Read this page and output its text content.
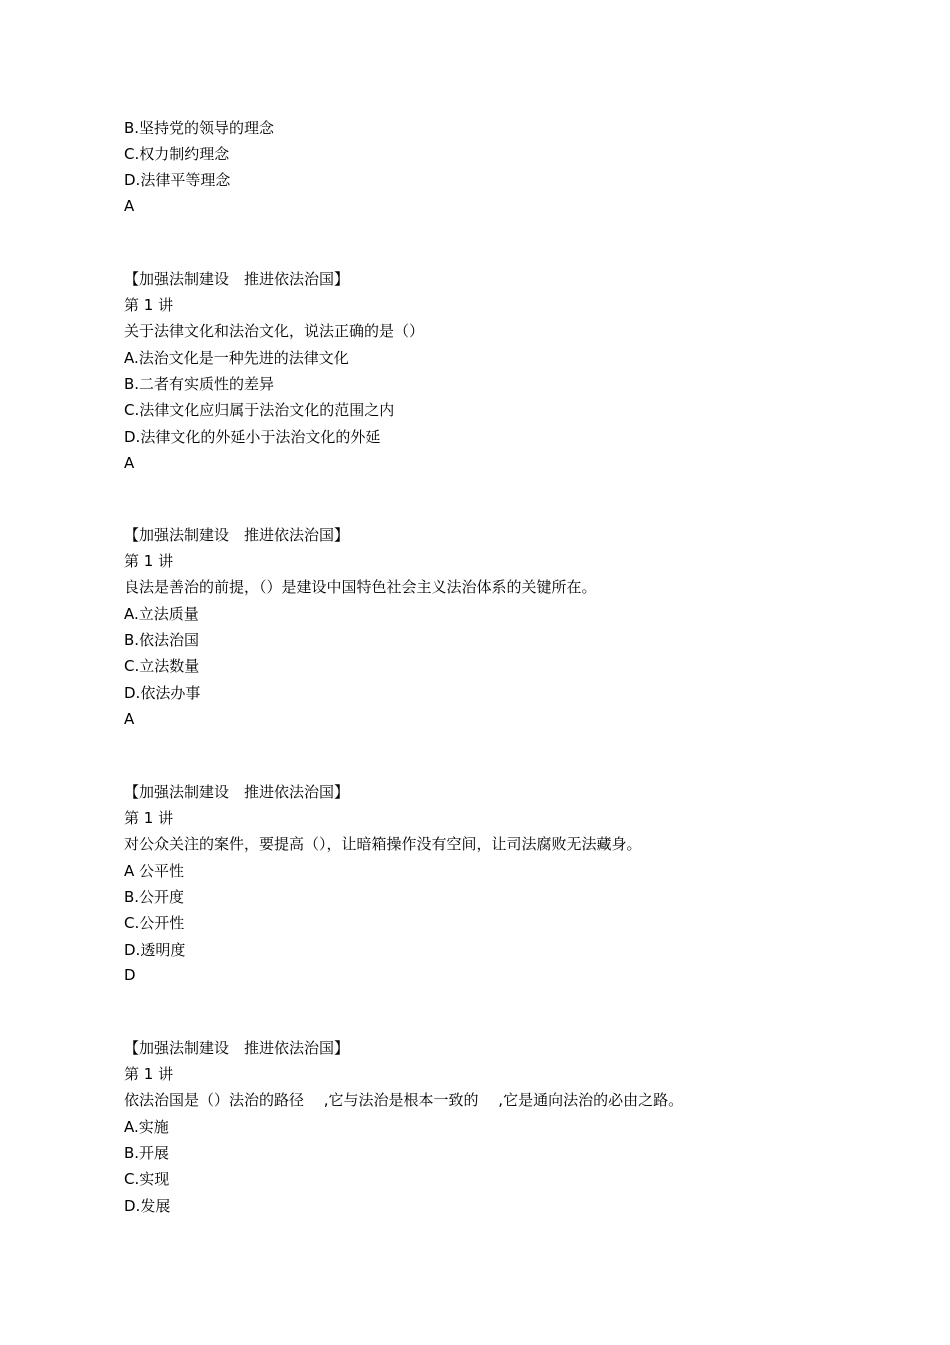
B.坚持党的领导的理念
C.权力制约理念
D.法律平等理念
A
【加强法制建设　推进依法治国】
第 1 讲
关于法律文化和法治文化，说法正确的是（）
A.法治文化是一种先进的法律文化
B.二者有实质性的差异
C.法律文化应归属于法治文化的范围之内
D.法律文化的外延小于法治文化的外延
A
【加强法制建设　推进依法治国】
第 1 讲
良法是善治的前提，（）是建设中国特色社会主义法治体系的关键所在。
A.立法质量
B.依法治国
C.立法数量
D.依法办事
A
【加强法制建设　推进依法治国】
第 1 讲
对公众关注的案件，要提高（），让暗箱操作没有空间，让司法腐败无法藏身。
A 公平性
B.公开度
C.公开性
D.透明度
D
【加强法制建设　推进依法治国】
第 1 讲
依法治国是（）法治的路径　 ,它与法治是根本一致的　 ,它是通向法治的必由之路。
A.实施
B.开展
C.实现
D.发展
